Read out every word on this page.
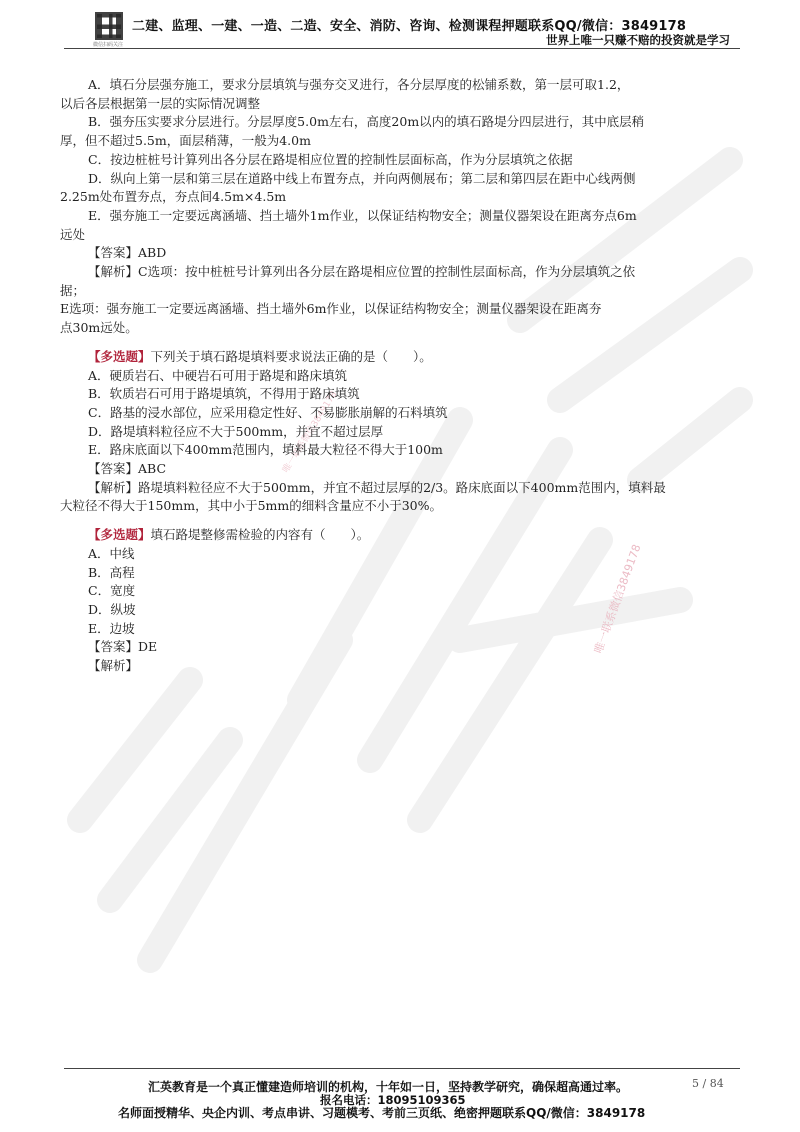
唯一联系微信3849178
唯一联系微信3849178
微信扫码关注
二建、监理、一建、一造、二造、安全、消防、咨询、检测课程押题联系QQ/微信：3849178
世界上唯一只赚不赔的投资就是学习

A．填石分层强夯施工，要求分层填筑与强夯交叉进行，各分层厚度的松铺系数，第一层可取1.2，

以后各层根据第一层的实际情况调整

B．强夯压实要求分层进行。分层厚度5.0m左右，高度20m以内的填石路堤分四层进行，其中底层稍

厚，但不超过5.5m，面层稍薄，一般为4.0m

C．按边桩桩号计算列出各分层在路堤相应位置的控制性层面标高，作为分层填筑之依据

D．纵向上第一层和第三层在道路中线上布置夯点，并向两侧展布；第二层和第四层在距中心线两侧

2.25m处布置夯点，夯点间4.5m×4.5m

E．强夯施工一定要远离涵墙、挡土墙外1m作业，以保证结构物安全；测量仪器架设在距离夯点6m

远处

【答案】ABD

【解析】C选项：按中桩桩号计算列出各分层在路堤相应位置的控制性层面标高，作为分层填筑之依

据；

E选项：强夯施工一定要远离涵墙、挡土墙外6m作业，以保证结构物安全；测量仪器架设在距离夯

点30m远处。

【多选题】下列关于填石路堤填料要求说法正确的是（　　）。

A．硬质岩石、中硬岩石可用于路堤和路床填筑

B．软质岩石可用于路堤填筑，不得用于路床填筑

C．路基的浸水部位，应采用稳定性好、不易膨胀崩解的石料填筑

D．路堤填料粒径应不大于500mm，并宜不超过层厚

E．路床底面以下400mm范围内，填料最大粒径不得大于100m

【答案】ABC

【解析】路堤填料粒径应不大于500mm，并宜不超过层厚的2/3。路床底面以下400mm范围内，填料最

大粒径不得大于150mm，其中小于5mm的细料含量应不小于30%。

【多选题】填石路堤整修需检验的内容有（　　）。

A．中线

B．高程

C．宽度

D．纵坡

E．边坡

【答案】DE

【解析】

汇英教育是一个真正懂建造师培训的机构，十年如一日，坚持教学研究，确保超高通过率。	5 / 84
报名电话：18095109365
名师面授精华、央企内训、考点串讲、习题模考、考前三页纸、绝密押题联系QQ/微信：3849178
